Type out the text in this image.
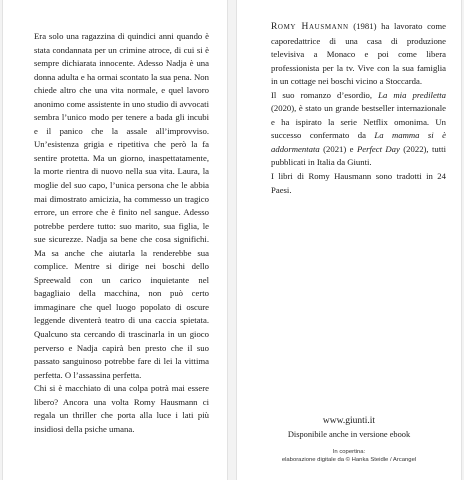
Era solo una ragazzina di quindici anni quando è stata condannata per un crimine atroce, di cui si è sempre dichiarata innocente. Adesso Nadja è una donna adulta e ha ormai scontato la sua pena. Non chiede altro che una vita normale, e quel lavoro anonimo come assistente in uno studio di avvocati sembra l’unico modo per tenere a bada gli incubi e il panico che la assale all’improvviso. Un’esistenza grigia e ripetitiva che però la fa sentire protetta. Ma un giorno, inaspettatamente, la morte rientra di nuovo nella sua vita. Laura, la moglie del suo capo, l’unica persona che le abbia mai dimostrato amicizia, ha commesso un tragico errore, un errore che è finito nel sangue. Adesso potrebbe perdere tutto: suo marito, sua figlia, le sue sicurezze. Nadja sa bene che cosa significhi. Ma sa anche che aiutarla la renderebbe sua complice. Mentre si dirige nei boschi dello Spreewald con un carico inquietante nel bagagliaio della macchina, non può certo immaginare che quel luogo popolato di oscure leggende diventerà teatro di una caccia spietata. Qualcuno sta cercando di trascinarla in un gioco perverso e Nadja capirà ben presto che il suo passato sanguinoso potrebbe fare di lei la vittima perfetta. O l’assassina perfetta.

Chi si è macchiato di una colpa potrà mai essere libero? Ancora una volta Romy Hausmann ci regala un thriller che porta alla luce i lati più insidiosi della psiche umana.

Romy Hausmann (1981) ha lavorato come caporedattrice di una casa di produzione televisiva a Monaco e poi come libera professionista per la tv. Vive con la sua famiglia in un cottage nei boschi vicino a Stoccarda.

Il suo romanzo d’esordio, La mia prediletta (2020), è stato un grande bestseller internazionale e ha ispirato la serie Netflix omonima. Un successo confermato da La mamma si è addormentata (2021) e Perfect Day (2022), tutti pubblicati in Italia da Giunti.

I libri di Romy Hausmann sono tradotti in 24 Paesi.

www.giunti.it
Disponibile anche in versione ebook
In copertina:
elaborazione digitale da © Hanka Steidle / Arcangel
